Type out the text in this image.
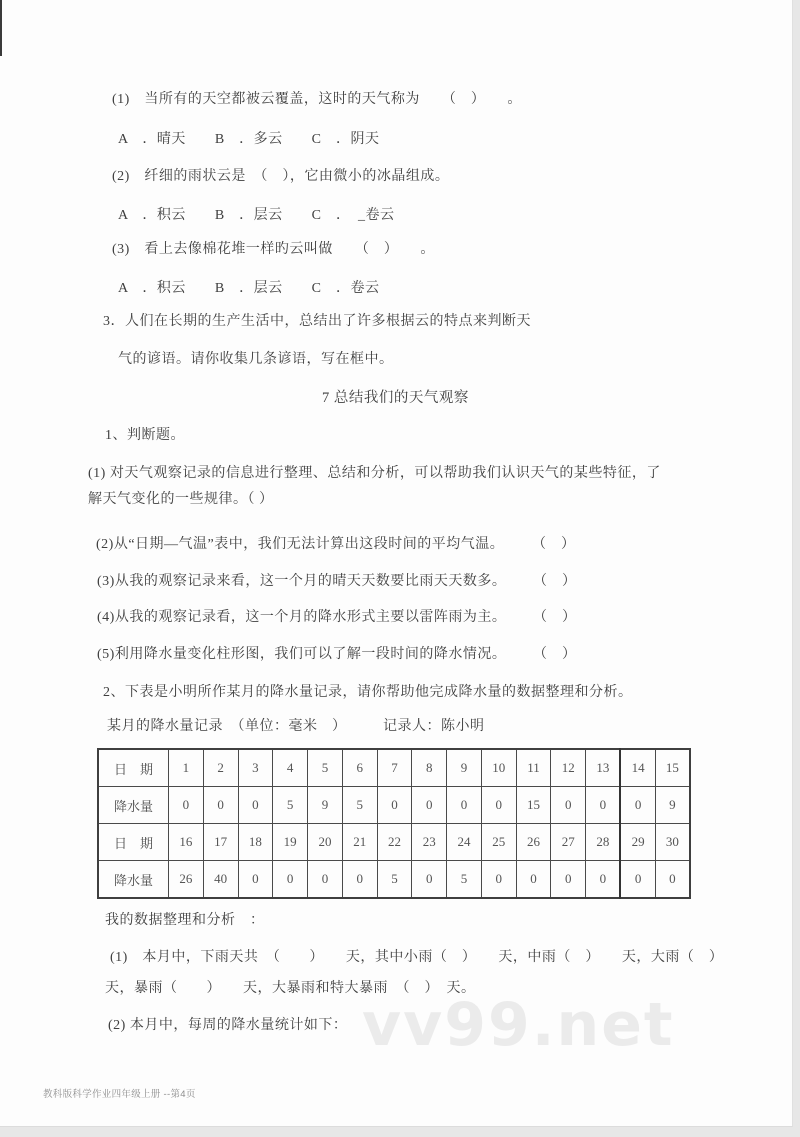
vv99.net
(1)　当所有的天空都被云覆盖，这时的天气称为　　（　）　　。
A　．晴天　　B　．多云　　C　．阴天
(2)　纤细的雨状云是　（　），它由微小的冰晶组成。
A　．积云　　B　．层云　　C　．　_卷云
(3)　看上去像棉花堆一样旳云叫做　　（　）　　。
A　．积云　　B　．层云　　C　．卷云
3．人们在长期的生产生活中，总结出了许多根据云的特点来判断天
气的谚语。请你收集几条谚语，写在框中。
7 总结我们的天气观察
1、判断题。
(1) 对天气观察记录的信息进行整理、总结和分析，可以帮助我们认识天气的某些特征，了
解天气变化的一些规律。（ ）
(2)从“日期—气温”表中，我们无法计算出这段时间的平均气温。 （　）
(3)从我的观察记录来看，这一个月的晴天天数要比雨天天数多。 （　）
(4)从我的观察记录看，这一个月的降水形式主要以雷阵雨为主。 （　）
(5)利用降水量变化柱形图，我们可以了解一段时间的降水情况。 （　）
2、下表是小明所作某月的降水量记录，请你帮助他完成降水量的数据整理和分析。
某月的降水量记录　（单位：毫米　）　　　记录人：陈小明
日　期	1	2	3	4	5	6	7	8	9	10	11	12	13	14	15
降水量	0	0	0	5	9	5	0	0	0	0	15	0	0	0	9
日　期	16	17	18	19	20	21	22	23	24	25	26	27	28	29	30
降水量	26	40	0	0	0	0	5	0	5	0	0	0	0	0	0
我的数据整理和分析　：
(1)　本月中，下雨天共　（　　）　　天，其中小雨（　）　　天，中雨（　）　　天，大雨（　）
天，暴雨（　　）　　天，大暴雨和特大暴雨　（　）　天。
(2) 本月中，每周的降水量统计如下：
教科版科学作业四年级上册 --第4页
